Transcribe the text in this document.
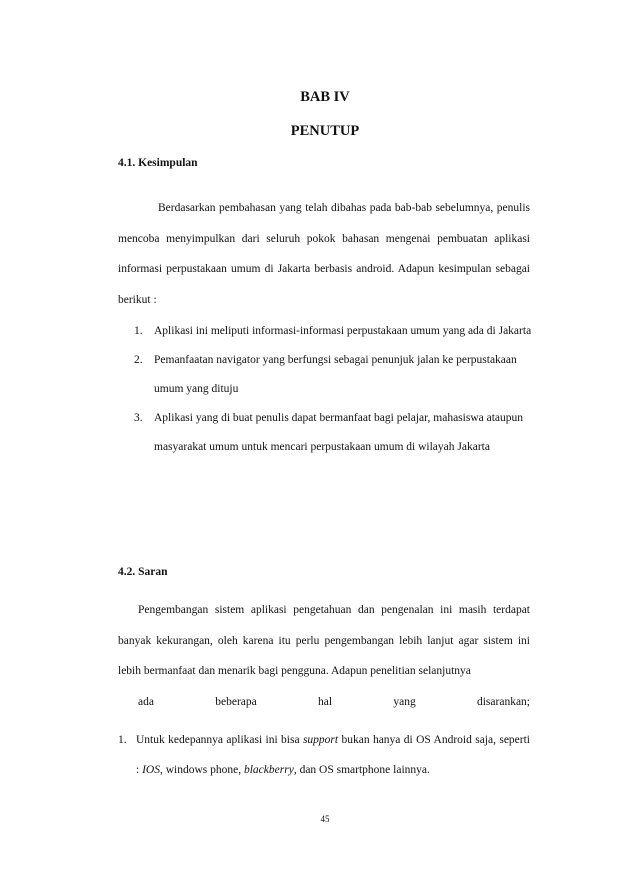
BAB IV
PENUTUP
4.1. Kesimpulan

Berdasarkan pembahasan yang telah dibahas pada bab-bab sebelumnya, penulis mencoba menyimpulkan dari seluruh pokok bahasan mengenai pembuatan aplikasi informasi perpustakaan umum di Jakarta berbasis android. Adapun kesimpulan sebagai berikut :

1. Aplikasi ini meliputi informasi-informasi perpustakaan umum yang ada di Jakarta
2. Pemanfaatan navigator yang berfungsi sebagai penunjuk jalan ke perpustakaan umum yang dituju
3. Aplikasi yang di buat penulis dapat bermanfaat bagi pelajar, mahasiswa ataupun masyarakat umum untuk mencari perpustakaan umum di wilayah Jakarta
4.2. Saran

Pengembangan sistem aplikasi pengetahuan dan pengenalan ini masih terdapat banyak kekurangan, oleh karena itu perlu pengembangan lebih lanjut agar sistem ini lebih bermanfaat dan menarik bagi pengguna. Adapun penelitian selanjutnya
ada beberapa hal yang disarankan;

1. Untuk kedepannya aplikasi ini bisa support bukan hanya di OS Android saja, seperti : IOS, windows phone, blackberry, dan OS smartphone lainnya.
45
